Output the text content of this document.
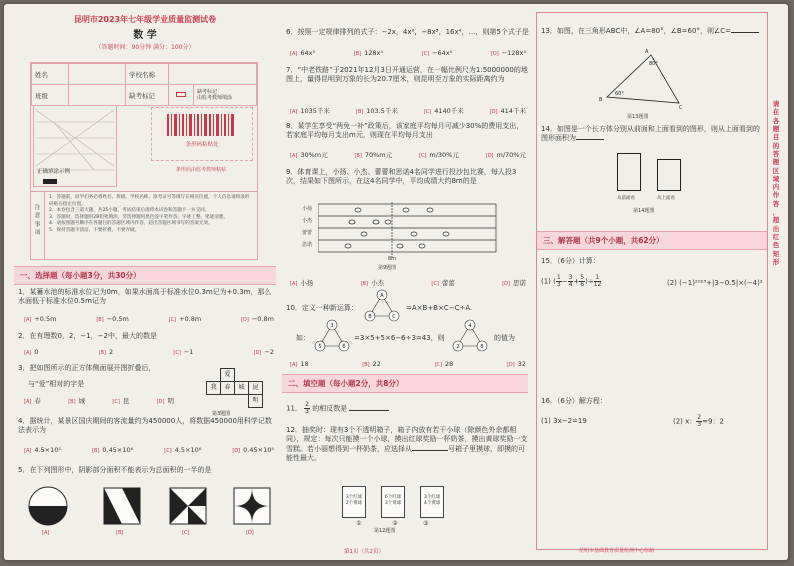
昆明市2023年七年级学业质量监测试卷
数 学
（答题时间：90分钟 满分：100分）
姓名		学校名称		
班级		缺考标记		缺考标记
由监考教师填涂
条形码粘贴处
条形码由监考教师粘贴
正确填涂示例
注
意
事
项
1．答题前，同学们务必将姓名、班级、学校名称、准考证号等填写在相应位置，个人信息请将条形码贴在指定位置。
2．本卷包含三道大题，共25小题，考试结束后请将本试卷和答题卡一并交回。
3．答题时，选择题用2B铅笔填涂，非选择题用黑色签字笔作答，字迹工整、笔迹清楚。
4．请按照题号顺序在各题目的答题区域内作答，超出答题区域书写的答案无效。
5．保持答题卡清洁，不要折叠、不要弄破。
一、选择题（每小题3分，共30分）
1．某蓄水池的标准水位记为0m，如果水面高于标准水位0.3m记为+0.3m，那么水面低于标准水位0.5m记为
[A] +0.5m	[B] −0.5m	[C] +0.8m	[D] −0.8m
2．在有理数0，2，−1，−2中，最大的数是
[A] 0	[B] 2	[C] −1	[D] −2
3．把如图所示的正方体侧面展开图折叠后，
与“爱”相对的字是
[A] 春	[B] 城	[C] 昆	[D] 明
爱
我	春	城	昆
明
第3题图
4．据统计，某景区国庆期间的客流量约为450000人，将数据450000用科学记数法表示为
[A] 4.5×10⁵	[B] 0.45×10⁶	[C] 4.5×10⁶	[D] 0.45×10⁵
5．在下列图形中，阴影部分面积不能表示为总面积的一半的是
[A]	[B]	[C]	[D]
6．按照一定规律排列的式子：−2x，4x²，−8x³，16x⁴，…，则第5个式子是
[A] 64x⁵	[B] 128x⁵	[C] −64x⁵	[D] −128x⁵
7．“中老铁路”于2021年12月3日开通运营，在一幅比例尺为1:5000000的地图上，量得昆明到万象的长为20.7厘米，则昆明至万象的实际距离约为
[A] 1035千米	[B] 103.5千米	[C] 4140千米	[D] 414千米
8．某学生享受“两免一补”政策后，该家庭平均每月可减少30%的费用支出，若家庭平均每月支出m元，则现在平均每月支出
[A] 30%m元	[B] 70%m元	[C] m/30%元	[D] m/70%元
9．体育课上，小扬、小杰、蕾蕾和思诺4名同学进行投沙包比赛，每人投3次，结果如下图所示，在这4名同学中，平均成绩大约8m的是
小扬
小杰
蕾蕾
思诺
8m
第9题图
[A] 小扬	[B] 小杰	[C] 蕾蕾	[D] 思诺
10．定义一种新运算：
A
B	C
=A×B+B×C−C÷A.
如：
3
5	6
=3×5+5×6−6÷3=43，则
4
2	8
的值为
[A] 18	[B] 22	[C] 28	[D] 32
二、填空题（每小题2分，共8分）
11． $\frac{2}{3}$ 的相反数是
12．抽奖时：现有3个不透明箱子，箱子内放有若干小球（除颜色外余都相同），规定：每次只能摸一个小球，摸出红球奖励一杯奶茶，摸出黄球奖励一支雪糕。若小丽想得到一杯奶茶，应选择从	号箱子里摸球，即摸的可能性最大。
3个红球
2个黄球

6个红球
3个黄球

3个红球
4个黄球
①	②	③
第12题图
13．如图，在三角形ABC中，∠A=80°，∠B=60°，则∠C=
A
B
C
80°
60°
第13题图
14．如图是一个长方体分别从前面和上面看到的图形，则从上面看到的图形面积为
从前面看	从上面看
第14题图
三、解答题（共9个小题，共62分）
15．（6分）计算：
(1) ( $\frac{1}{3} - \frac{3}{4} + \frac{5}{6}$ )÷ $\frac{1}{12}$	(2) (−1)²⁰²³+|3−0.5|×(−4)²
16．（6分）解方程：
(1) 3x−2=19	(2) x： $\frac{2}{3} =9$：2
请
在
各
题
目
的
答
题
区
域
内
作
答
，
超
出
红
色
矩
形
第1页（共2页）	昆明市基础教育质量监测中心监制
